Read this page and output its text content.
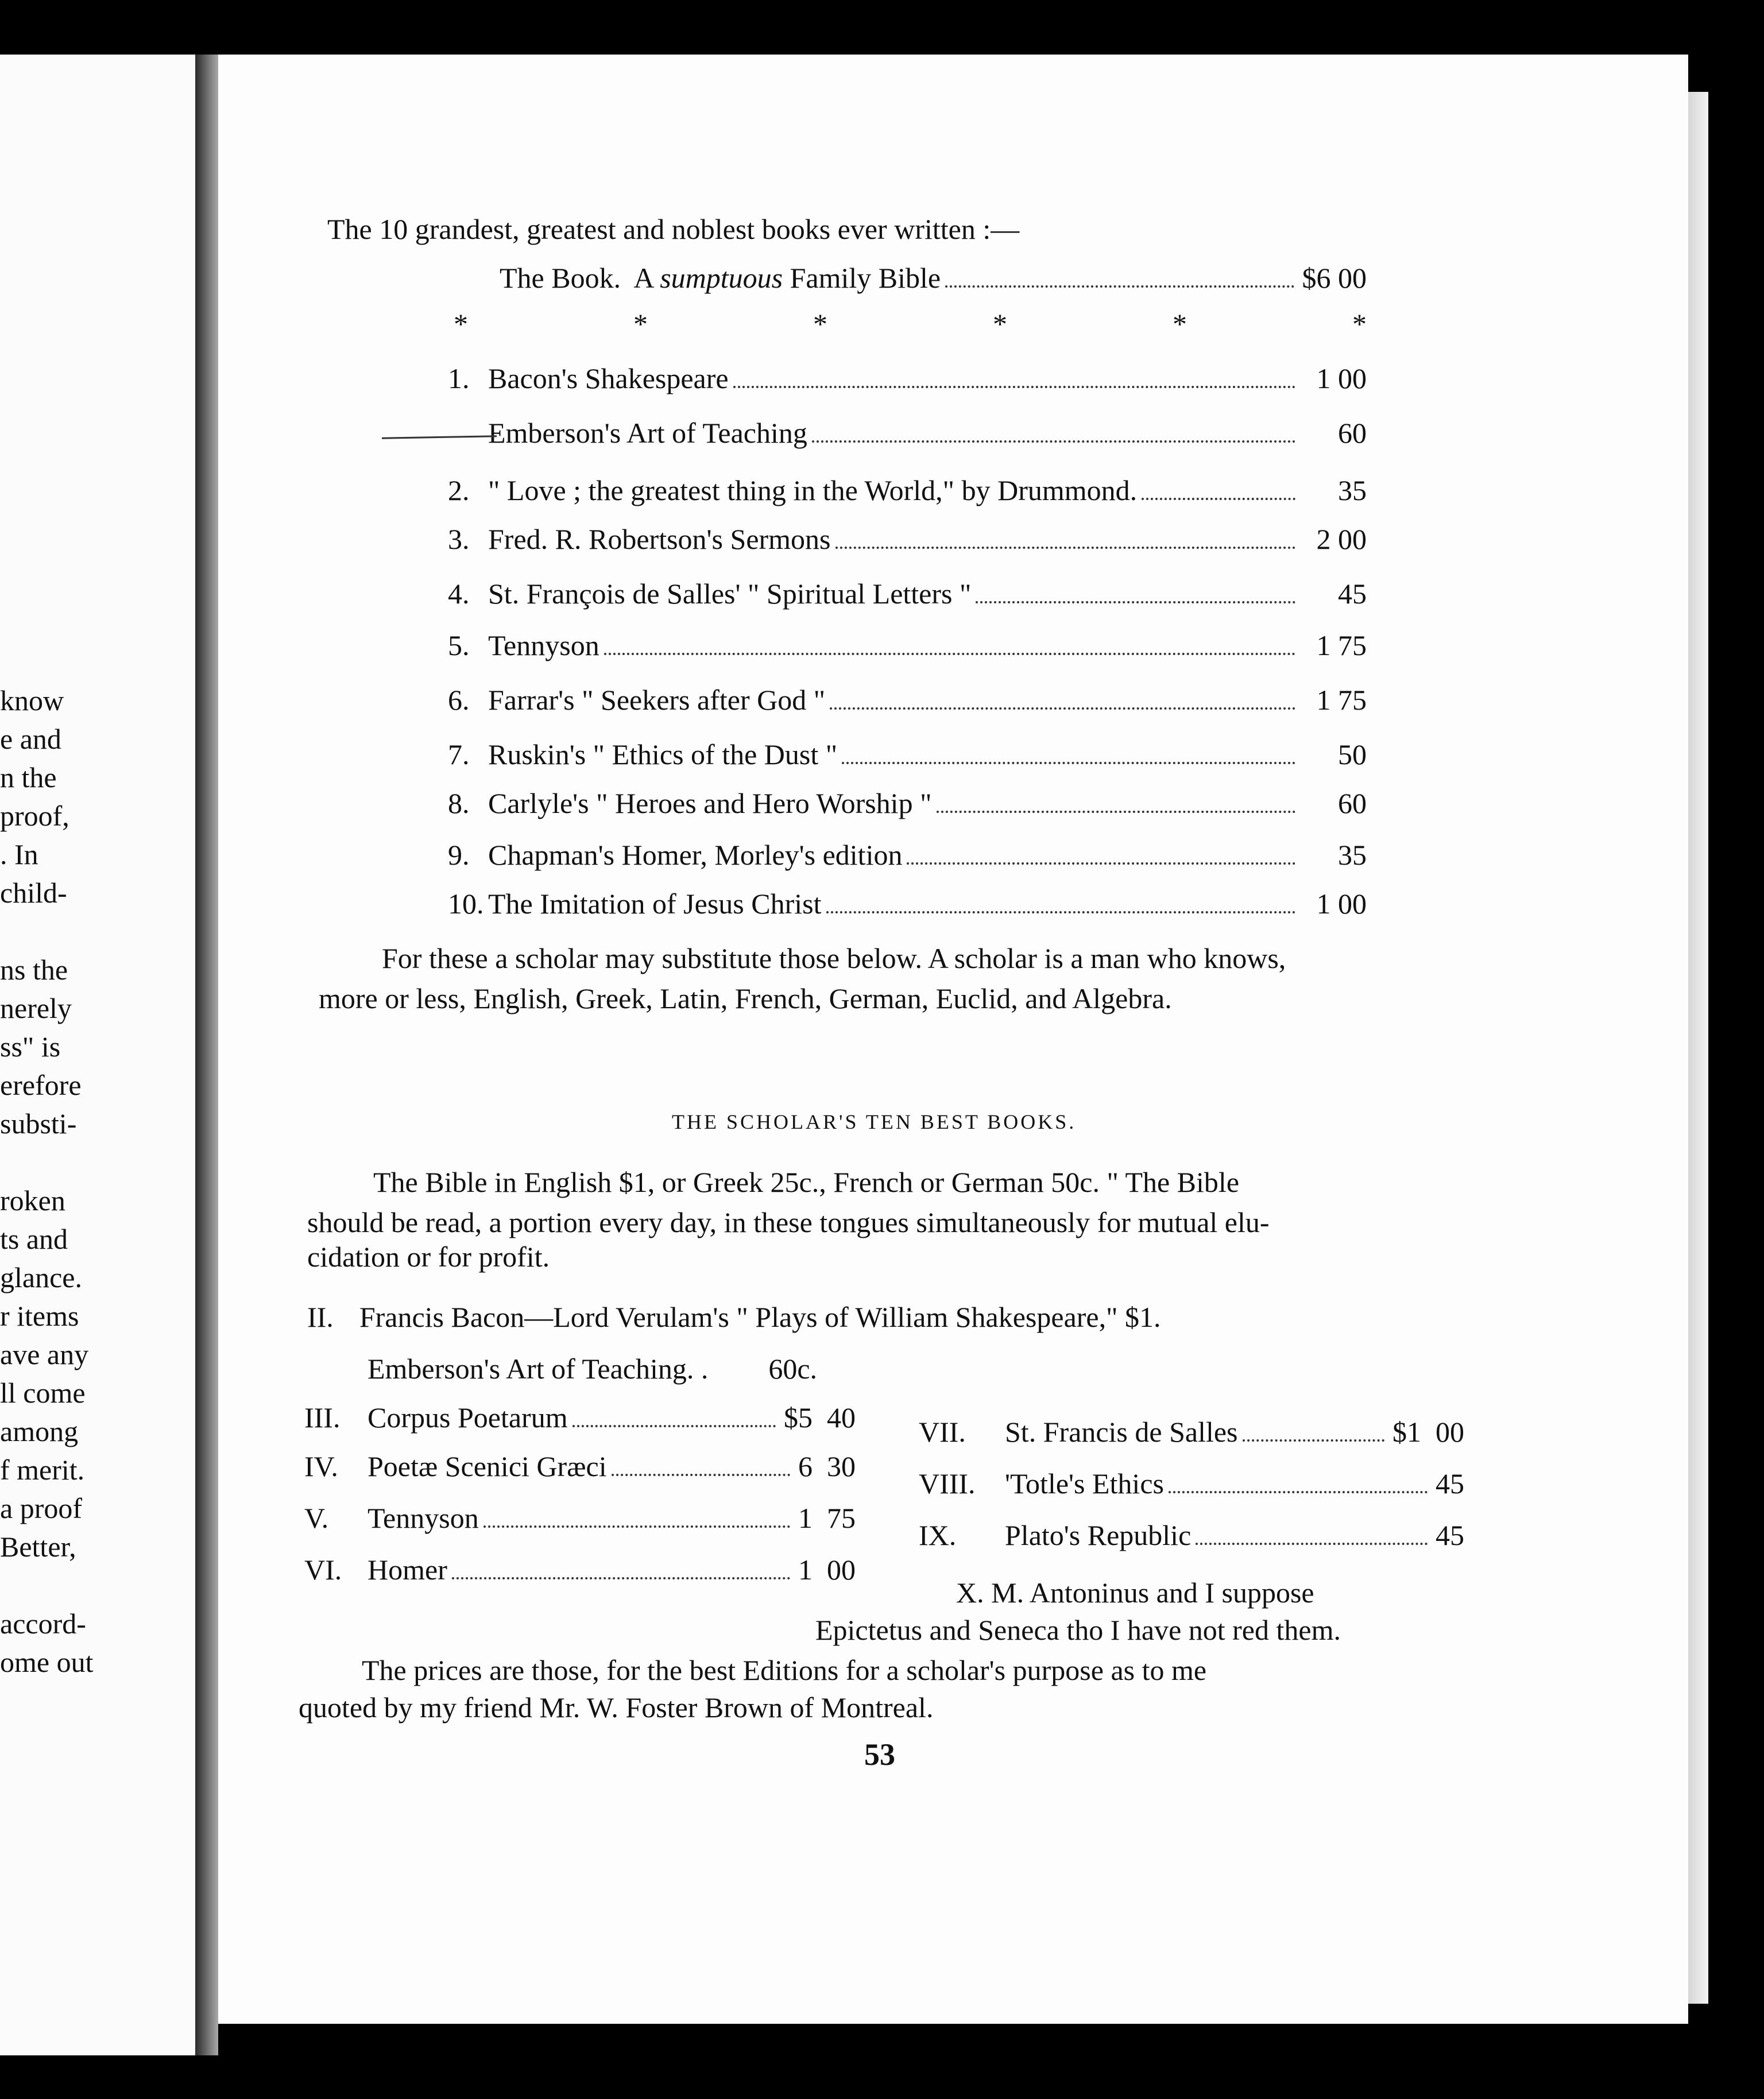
know
e and
n the
proof,
. In
child-
ns the
nerely
ss" is
erefore
substi-
roken
ts and
glance.
r items
ave any
ll come
among
f merit.
a proof
Better,
accord-
ome out
The 10 grandest, greatest and noblest books ever written :—
The Book.  A sumptuous Family Bible	$6 00
*	*	*	*	*	*
1. Bacon's Shakespeare	1 00
Emberson's Art of Teaching	60
2. " Love ; the greatest thing in the World," by Drummond.	35
3. Fred. R. Robertson's Sermons	2 00
4. St. François de Salles' " Spiritual Letters "	45
5. Tennyson	1 75
6. Farrar's " Seekers after God "	1 75
7. Ruskin's " Ethics of the Dust "	50
8. Carlyle's " Heroes and Hero Worship "	60
9. Chapman's Homer, Morley's edition	35
10. The Imitation of Jesus Christ	1 00
For these a scholar may substitute those below. A scholar is a man who knows,
more or less, English, Greek, Latin, French, German, Euclid, and Algebra.
THE SCHOLAR'S TEN BEST BOOKS.
The Bible in English $1, or Greek 25c., French or German 50c. " The Bible
should be read, a portion every day, in these tongues simultaneously for mutual elu-
cidation or for profit.
II. Francis Bacon—Lord Verulam's " Plays of William Shakespeare," $1.
Emberson's Art of Teaching. . 60c.
III. Corpus Poetarum	$5  40
IV.	Poetæ Scenici Græci	6  30
V.	Tennyson	1  75
VI. Homer	1  00
VII.	St. Francis de Salles	$1  00
VIII.	'Totle's Ethics	45
IX.	Plato's Republic	45
X. M. Antoninus and I suppose
Epictetus and Seneca tho I have not red them.
The prices are those, for the best Editions for a scholar's purpose as to me
quoted by my friend Mr. W. Foster Brown of Montreal.
53
